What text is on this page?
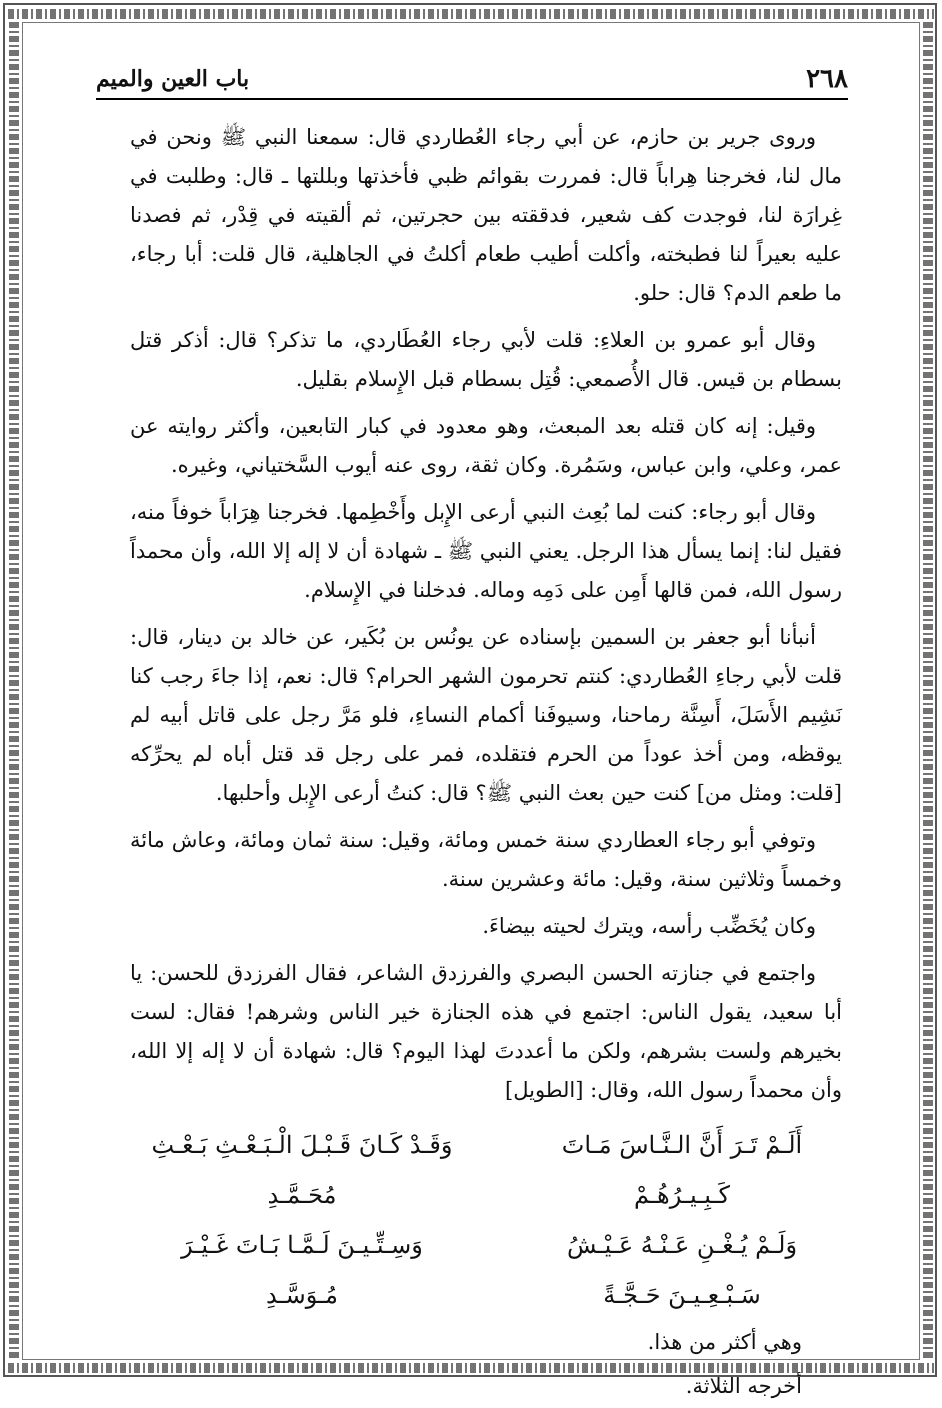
٢٦٨
باب العين والميم

وروى جرير بن حازم، عن أبي رجاء العُطاردي قال: سمعنا النبي ﷺ ونحن في مال لنا، فخرجنا هِراباً قال: فمررت بقوائم ظبي فأخذتها وبللتها ـ قال: وطلبت في غِرارَة لنا، فوجدت كف شعير، فدققته بين حجرتين، ثم ألقيته في قِدْر، ثم فصدنا عليه بعيراً لنا فطبخته، وأكلت أطيب طعام أكلتُ في الجاهلية، قال قلت: أبا رجاء، ما طعم الدم؟ قال: حلو.

وقال أبو عمرو بن العلاءِ: قلت لأبي رجاء العُطَاردي، ما تذكر؟ قال: أذكر قتل بسطام بن قيس. قال الأُصمعي: قُتِل بسطام قبل الإِسلام بقليل.

وقيل: إنه كان قتله بعد المبعث، وهو معدود في كبار التابعين، وأكثر روايته عن عمر، وعلي، وابن عباس، وسَمُرة. وكان ثقة، روى عنه أيوب السَّختياني، وغيره.

وقال أبو رجاء: كنت لما بُعِث النبي أرعى الإِبل وأَخْطِمها. فخرجنا هِرَاباً خوفاً منه، فقيل لنا: إنما يسأل هذا الرجل. يعني النبي ﷺ ـ شهادة أن لا إله إلا الله، وأن محمداً رسول الله، فمن قالها أَمِن على دَمِه وماله. فدخلنا في الإِسلام.

أنبأنا أبو جعفر بن السمين بإسناده عن يونُس بن بُكَير، عن خالد بن دينار، قال: قلت لأبي رجاءِ العُطاردي: كنتم تحرمون الشهر الحرام؟ قال: نعم، إذا جاءَ رجب كنا نَشِيم الأَسَلَ، أَسِنَّة رماحنا، وسيوفَنا أكمام النساءِ، فلو مَرَّ رجل على قاتل أبيه لم يوقظه، ومن أخذ عوداً من الحرم فتقلده، فمر على رجل قد قتل أباه لم يحرِّكه [قلت: ومثل من] كنت حين بعث النبي ﷺ؟ قال: كنتُ أرعى الإِبل وأحلبها.

وتوفي أبو رجاء العطاردي سنة خمس ومائة، وقيل: سنة ثمان ومائة، وعاش مائة وخمساً وثلاثين سنة، وقيل: مائة وعشرين سنة.

وكان يُخَضِّب رأسه، ويترك لحيته بيضاءَ.

واجتمع في جنازته الحسن البصري والفرزدق الشاعر، فقال الفرزدق للحسن: يا أبا سعيد، يقول الناس: اجتمع في هذه الجنازة خير الناس وشرهم! فقال: لست بخيرهم ولست بشرهم، ولكن ما أعددتَ لهذا اليوم؟ قال: شهادة أن لا إله إلا الله، وأن محمداً رسول الله، وقال: [الطويل]

أَلَـمْ تَـرَ أَنَّ الـنَّـاسَ مَـاتَ كَـبِـيـرُهُـمْ
وَقَـدْ كَـانَ قَـبْـلَ الْـبَـعْـثِ بَـعْـثِ مُحَـمَّـدِ
وَلَـمْ يُـغْـنِ عَـنْـهُ عَـيْـشُ سَـبْـعِـيـنَ حَـجَّـةً
وَسِـتِّـيـنَ لَـمَّـا بَـاتَ غَـيْـرَ مُـوَسَّـدِ

وهي أكثر من هذا.

أخرجه الثلاثة.
